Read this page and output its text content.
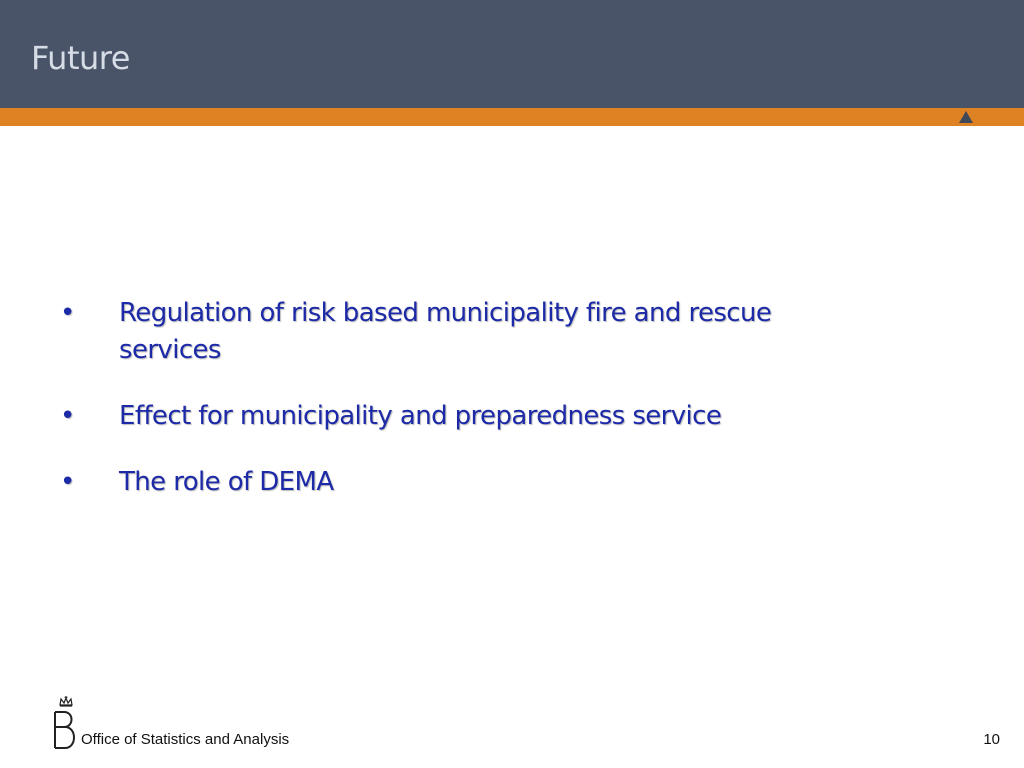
Future
•	Regulation of risk based municipality fire and rescue services
•	Effect for municipality and preparedness service
•	The role of DEMA
Office of Statistics and Analysis	10
